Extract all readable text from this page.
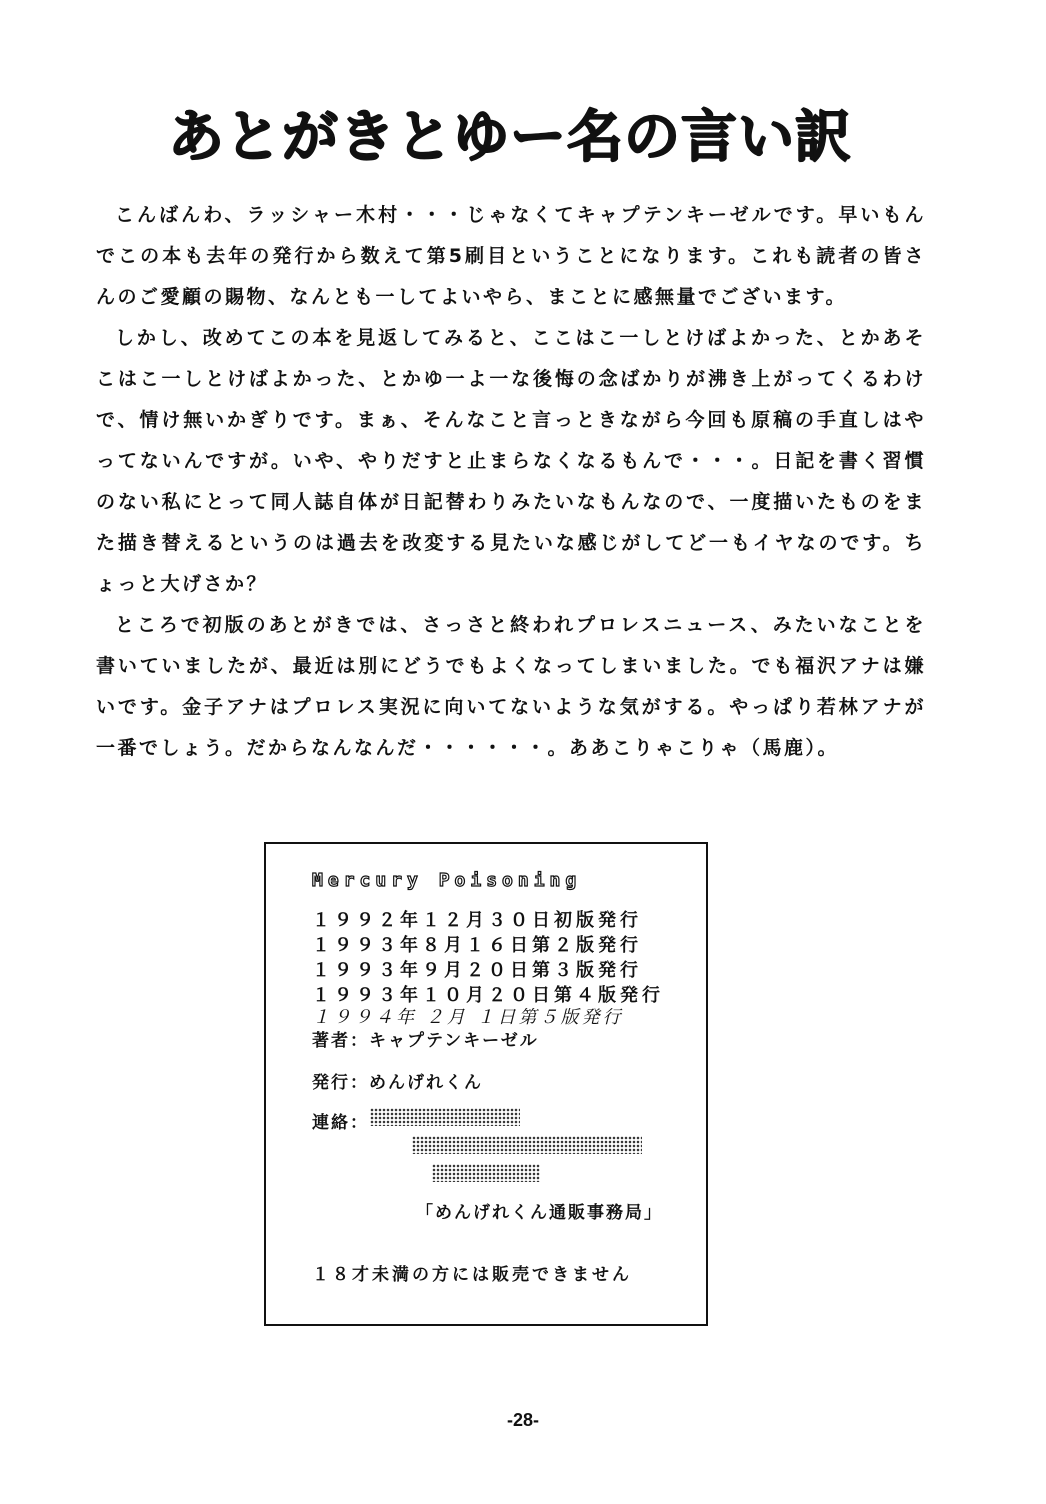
あとがきとゆー名の言い訳

こんばんわ、ラッシャー木村・・・じゃなくてキャプテンキーゼルです。早いもんでこの本も去年の発行から数えて第5刷目ということになります。これも読者の皆さんのご愛顧の賜物、なんとも一してよいやら、まことに感無量でございます。

しかし、改めてこの本を見返してみると、ここはこ一しとけばよかった、とかあそこはこ一しとけばよかった、とかゆ一よ一な後悔の念ばかりが沸き上がってくるわけで、情け無いかぎりです。まぁ、そんなこと言っときながら今回も原稿の手直しはやってないんですが。いや、やりだすと止まらなくなるもんで・・・。日記を書く習慣のない私にとって同人誌自体が日記替わりみたいなもんなので、一度描いたものをまた描き替えるというのは過去を改変する見たいな感じがしてど一もイヤなのです。ちょっと大げさか？

ところで初版のあとがきでは、さっさと終われプロレスニュース、みたいなことを書いていましたが、最近は別にどうでもよくなってしまいました。でも福沢アナは嫌いです。金子アナはプロレス実況に向いてないような気がする。やっぱり若林アナが一番でしょう。だからなんなんだ・・・・・・。ああこりゃこりゃ（馬鹿）。

Mercury Poisoning
１９９２年１２月３０日初版発行
１９９３年８月１６日第２版発行
１９９３年９月２０日第３版発行
１９９３年１０月２０日第４版発行
１９９４年 ２月 １日第５版発行
著者：キャプテンキーゼル
発行：めんげれくん
連絡：
「めんげれくん通販事務局」
１８才未満の方には販売できません
-28-
